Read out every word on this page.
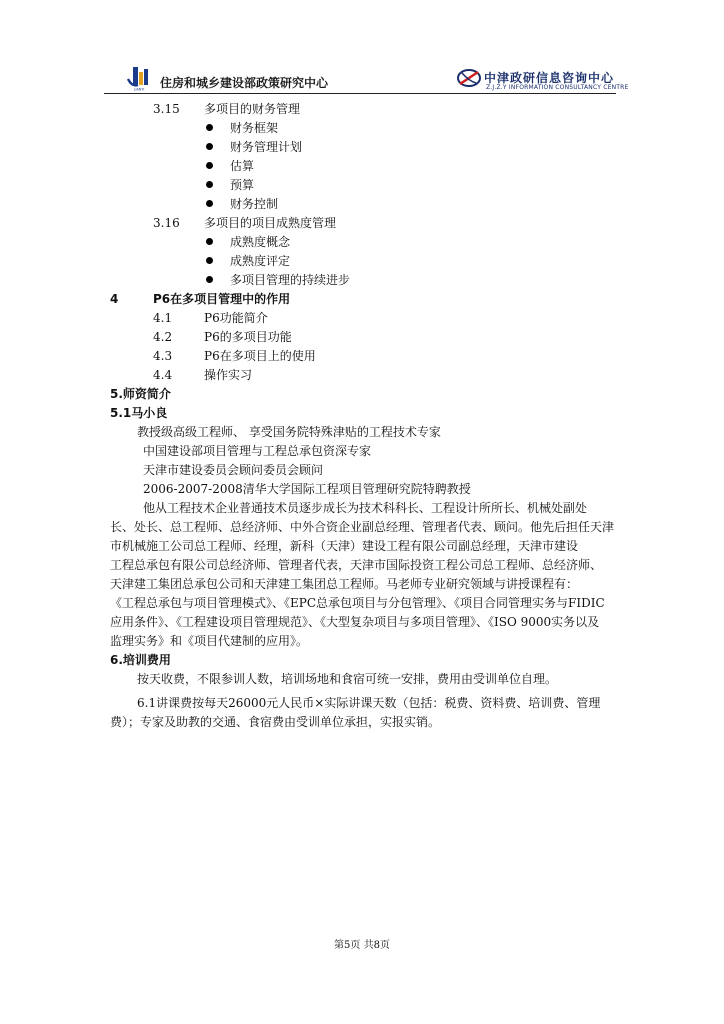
LIANYI 住房和城乡建设部政策研究中心	中津政研信息咨询中心
Z.J.Z.Y INFORMATION CONSULTANCY CENTRE
3.15 多项目的财务管理
财务框架
财务管理计划
估算
预算
财务控制
3.16 多项目的项目成熟度管理
成熟度概念
成熟度评定
多项目管理的持续进步
4	P6在多项目管理中的作用
4.1	P6功能简介
4.2	P6的多项目功能
4.3	P6在多项目上的使用
4.4	操作实习
5.师资简介
5.1马小良
教授级高级工程师、 享受国务院特殊津贴的工程技术专家
中国建设部项目管理与工程总承包资深专家
天津市建设委员会顾问委员会顾问
2006-2007-2008清华大学国际工程项目管理研究院特聘教授
他从工程技术企业普通技术员逐步成长为技术科科长、工程设计所所长、机械处副处
长、处长、总工程师、总经济师、中外合资企业副总经理、管理者代表、顾问。他先后担任天津
市机械施工公司总工程师、经理，新科（天津）建设工程有限公司副总经理，天津市建设
工程总承包有限公司总经济师、管理者代表，天津市国际投资工程公司总工程师、总经济师、
天津建工集团总承包公司和天津建工集团总工程师。马老师专业研究领域与讲授课程有：
《工程总承包与项目管理模式》、《EPC总承包项目与分包管理》、《项目合同管理实务与FIDIC
应用条件》、《工程建设项目管理规范》、《大型复杂项目与多项目管理》、《ISO 9000实务以及
监理实务》和《项目代建制的应用》。
6.培训费用
按天收费，不限参训人数，培训场地和食宿可统一安排，费用由受训单位自理。
6.1讲课费按每天26000元人民币×实际讲课天数（包括：税费、资料费、培训费、管理
费）；专家及助教的交通、食宿费由受训单位承担，实报实销。
第5页 共8页
